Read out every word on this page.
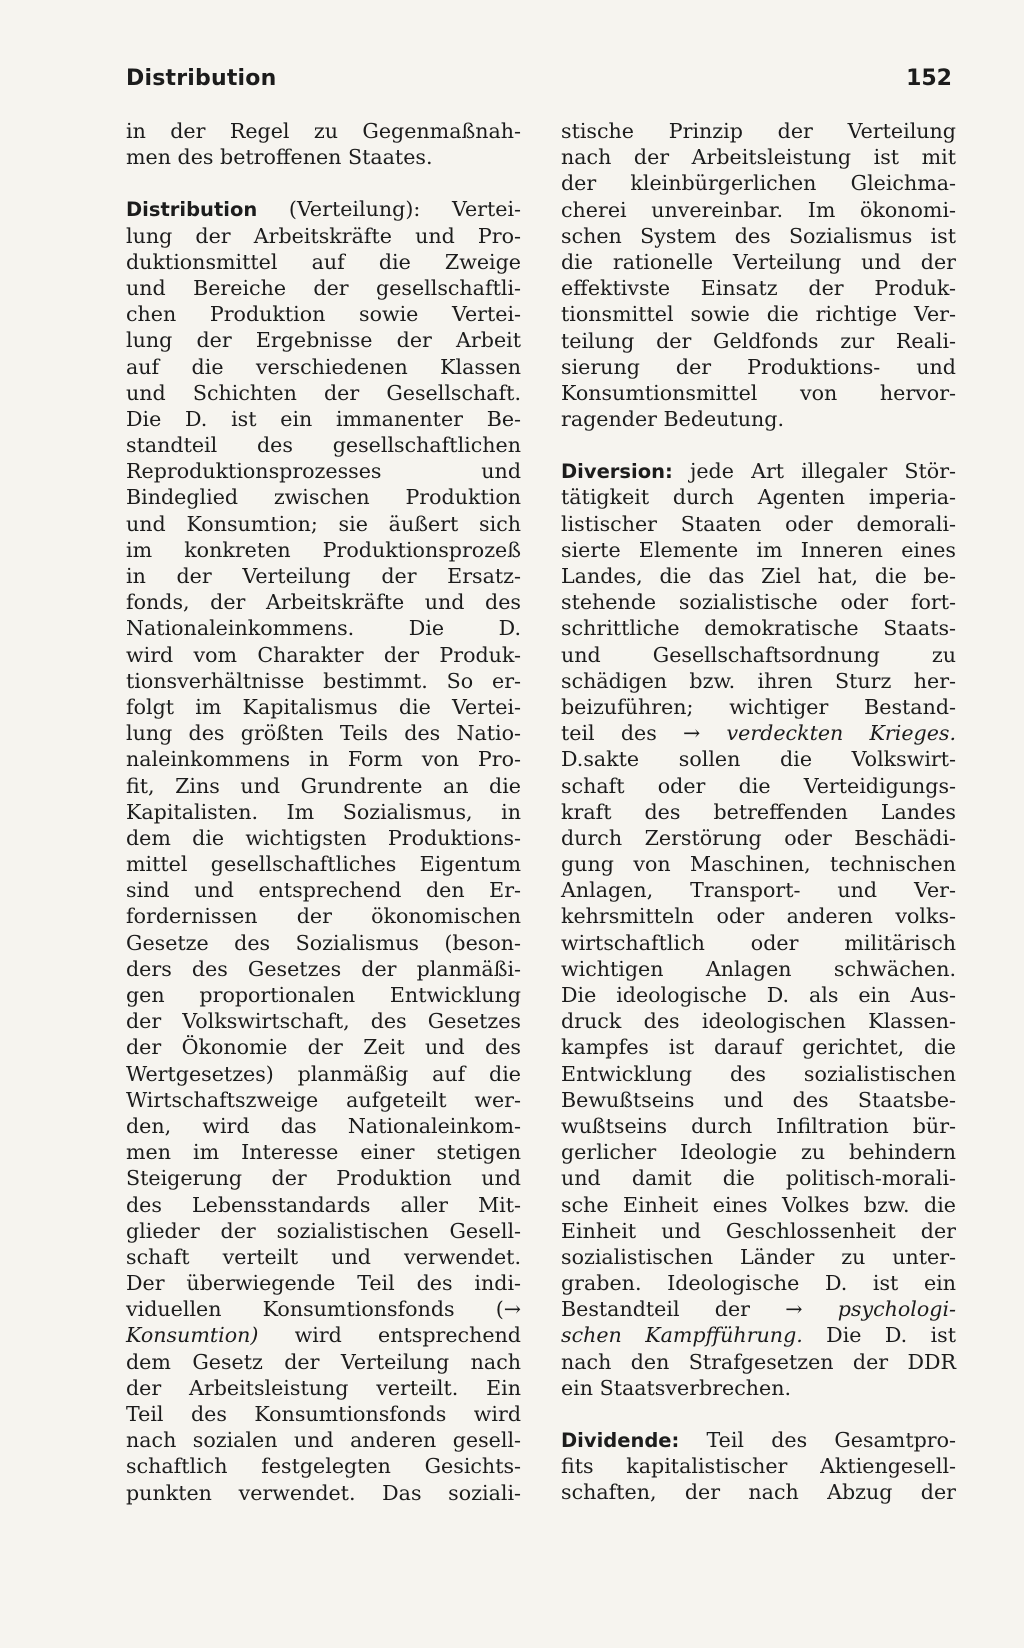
Distribution	152
in der Regel zu Gegenmaßnah-
men des betroffenen Staates.
Distribution (Verteilung): Vertei-
lung der Arbeitskräfte und Pro-
duktionsmittel auf die Zweige
und Bereiche der gesellschaftli-
chen Produktion sowie Vertei-
lung der Ergebnisse der Arbeit
auf die verschiedenen Klassen
und Schichten der Gesellschaft.
Die D. ist ein immanenter Be-
standteil des gesellschaftlichen
Reproduktionsprozesses und
Bindeglied zwischen Produktion
und Konsumtion; sie äußert sich
im konkreten Produktionsprozeß
in der Verteilung der Ersatz-
fonds, der Arbeitskräfte und des
Nationaleinkommens. Die D.
wird vom Charakter der Produk-
tionsverhältnisse bestimmt. So er-
folgt im Kapitalismus die Vertei-
lung des größten Teils des Natio-
naleinkommens in Form von Pro-
fit, Zins und Grundrente an die
Kapitalisten. Im Sozialismus, in
dem die wichtigsten Produktions-
mittel gesellschaftliches Eigentum
sind und entsprechend den Er-
fordernissen der ökonomischen
Gesetze des Sozialismus (beson-
ders des Gesetzes der planmäßi-
gen proportionalen Entwicklung
der Volkswirtschaft, des Gesetzes
der Ökonomie der Zeit und des
Wertgesetzes) planmäßig auf die
Wirtschaftszweige aufgeteilt wer-
den, wird das Nationaleinkom-
men im Interesse einer stetigen
Steigerung der Produktion und
des Lebensstandards aller Mit-
glieder der sozialistischen Gesell-
schaft verteilt und verwendet.
Der überwiegende Teil des indi-
viduellen Konsumtionsfonds (→
Konsumtion) wird entsprechend
dem Gesetz der Verteilung nach
der Arbeitsleistung verteilt. Ein
Teil des Konsumtionsfonds wird
nach sozialen und anderen gesell-
schaftlich festgelegten Gesichts-
punkten verwendet. Das soziali-
stische Prinzip der Verteilung
nach der Arbeitsleistung ist mit
der kleinbürgerlichen Gleichma-
cherei unvereinbar. Im ökonomi-
schen System des Sozialismus ist
die rationelle Verteilung und der
effektivste Einsatz der Produk-
tionsmittel sowie die richtige Ver-
teilung der Geldfonds zur Reali-
sierung der Produktions- und
Konsumtionsmittel von hervor-
ragender Bedeutung.
Diversion: jede Art illegaler Stör-
tätigkeit durch Agenten imperia-
listischer Staaten oder demorali-
sierte Elemente im Inneren eines
Landes, die das Ziel hat, die be-
stehende sozialistische oder fort-
schrittliche demokratische Staats-
und Gesellschaftsordnung zu
schädigen bzw. ihren Sturz her-
beizuführen; wichtiger Bestand-
teil des → verdeckten Krieges.
D.sakte sollen die Volkswirt-
schaft oder die Verteidigungs-
kraft des betreffenden Landes
durch Zerstörung oder Beschädi-
gung von Maschinen, technischen
Anlagen, Transport- und Ver-
kehrsmitteln oder anderen volks-
wirtschaftlich oder militärisch
wichtigen Anlagen schwächen.
Die ideologische D. als ein Aus-
druck des ideologischen Klassen-
kampfes ist darauf gerichtet, die
Entwicklung des sozialistischen
Bewußtseins und des Staatsbe-
wußtseins durch Infiltration bür-
gerlicher Ideologie zu behindern
und damit die politisch-morali-
sche Einheit eines Volkes bzw. die
Einheit und Geschlossenheit der
sozialistischen Länder zu unter-
graben. Ideologische D. ist ein
Bestandteil der → psychologi-
schen Kampfführung. Die D. ist
nach den Strafgesetzen der DDR
ein Staatsverbrechen.
Dividende: Teil des Gesamtpro-
fits kapitalistischer Aktiengesell-
schaften, der nach Abzug der
